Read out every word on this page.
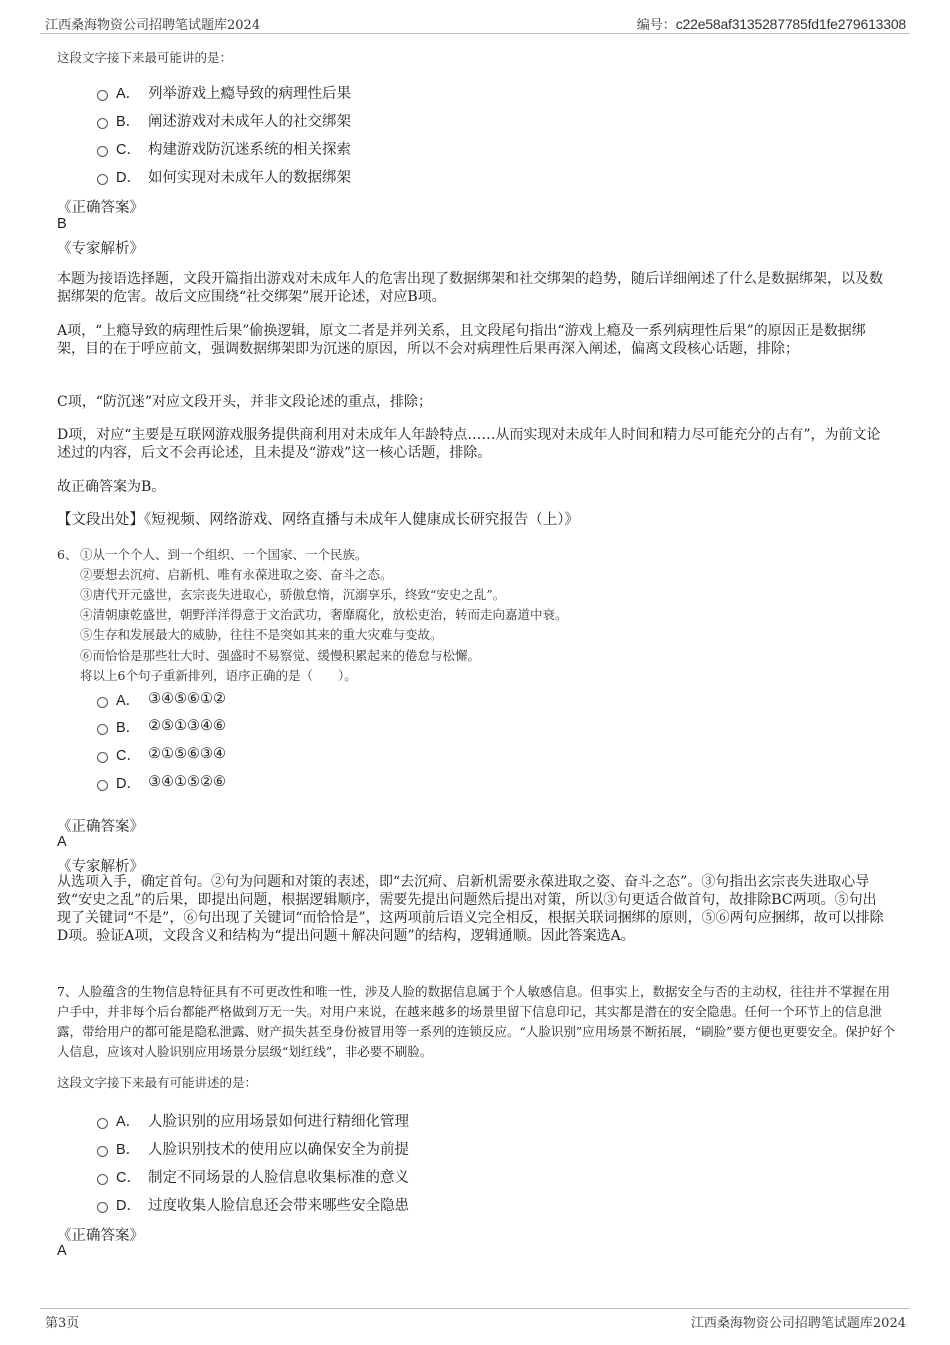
江西桑海物资公司招聘笔试题库2024	编号：c22e58af3135287785fd1fe279613308
这段文字接下来最可能讲的是：
A． 列举游戏上瘾导致的病理性后果
B． 阐述游戏对未成年人的社交绑架
C． 构建游戏防沉迷系统的相关探索
D． 如何实现对未成年人的数据绑架
《正确答案》
B
《专家解析》
本题为接语选择题，文段开篇指出游戏对未成年人的危害出现了数据绑架和社交绑架的趋势，随后详细阐述了什么是数据绑架，以及数据绑架的危害。故后文应围绕“社交绑架”展开论述，对应B项。
A项，“上瘾导致的病理性后果”偷换逻辑，原文二者是并列关系，且文段尾句指出“游戏上瘾及一系列病理性后果”的原因正是数据绑架，目的在于呼应前文，强调数据绑架即为沉迷的原因，所以不会对病理性后果再深入阐述，偏离文段核心话题，排除；
C项，“防沉迷”对应文段开头，并非文段论述的重点，排除；
D项，对应“主要是互联网游戏服务提供商利用对未成年人年龄特点……从而实现对未成年人时间和精力尽可能充分的占有”，为前文论述过的内容，后文不会再论述，且未提及“游戏”这一核心话题，排除。
故正确答案为B。
【文段出处】《短视频、网络游戏、网络直播与未成年人健康成长研究报告（上）》
6、 ①从一个个人、到一个组织、一个国家、一个民族。
②要想去沉疴、启新机、唯有永葆进取之姿、奋斗之态。
③唐代开元盛世，玄宗丧失进取心，骄傲怠惰，沉溺享乐，终致“安史之乱”。
④清朝康乾盛世，朝野洋洋得意于文治武功，奢靡腐化，放松吏治，转而走向嘉道中衰。
⑤生存和发展最大的威胁，往往不是突如其来的重大灾难与变故。
⑥而恰恰是那些壮大时、强盛时不易察觉、缓慢积累起来的倦怠与松懈。
将以上6个句子重新排列，语序正确的是（　　）。
A． ③④⑤⑥①②
B． ②⑤①③④⑥
C． ②①⑤⑥③④
D． ③④①⑤②⑥
《正确答案》
A
《专家解析》
从选项入手，确定首句。②句为问题和对策的表述，即“去沉疴、启新机需要永葆进取之姿、奋斗之态”。③句指出玄宗丧失进取心导致“安史之乱”的后果，即提出问题，根据逻辑顺序，需要先提出问题然后提出对策，所以③句更适合做首句，故排除BC两项。⑤句出现了关键词“不是”，⑥句出现了关键词“而恰恰是”，这两项前后语义完全相反，根据关联词捆绑的原则，⑤⑥两句应捆绑，故可以排除D项。验证A项，文段含义和结构为“提出问题＋解决问题”的结构，逻辑通顺。因此答案选A。
7、人脸蕴含的生物信息特征具有不可更改性和唯一性，涉及人脸的数据信息属于个人敏感信息。但事实上，数据安全与否的主动权，往往并不掌握在用户手中，并非每个后台都能严格做到万无一失。对用户来说，在越来越多的场景里留下信息印记，其实都是潜在的安全隐患。任何一个环节上的信息泄露，带给用户的都可能是隐私泄露、财产损失甚至身份被冒用等一系列的连锁反应。“人脸识别”应用场景不断拓展，“刷脸”要方便也更要安全。保护好个人信息，应该对人脸识别应用场景分层级“划红线”，非必要不刷脸。
这段文字接下来最有可能讲述的是：
A． 人脸识别的应用场景如何进行精细化管理
B． 人脸识别技术的使用应以确保安全为前提
C． 制定不同场景的人脸信息收集标准的意义
D． 过度收集人脸信息还会带来哪些安全隐患
《正确答案》
A
第3页	江西桑海物资公司招聘笔试题库2024
